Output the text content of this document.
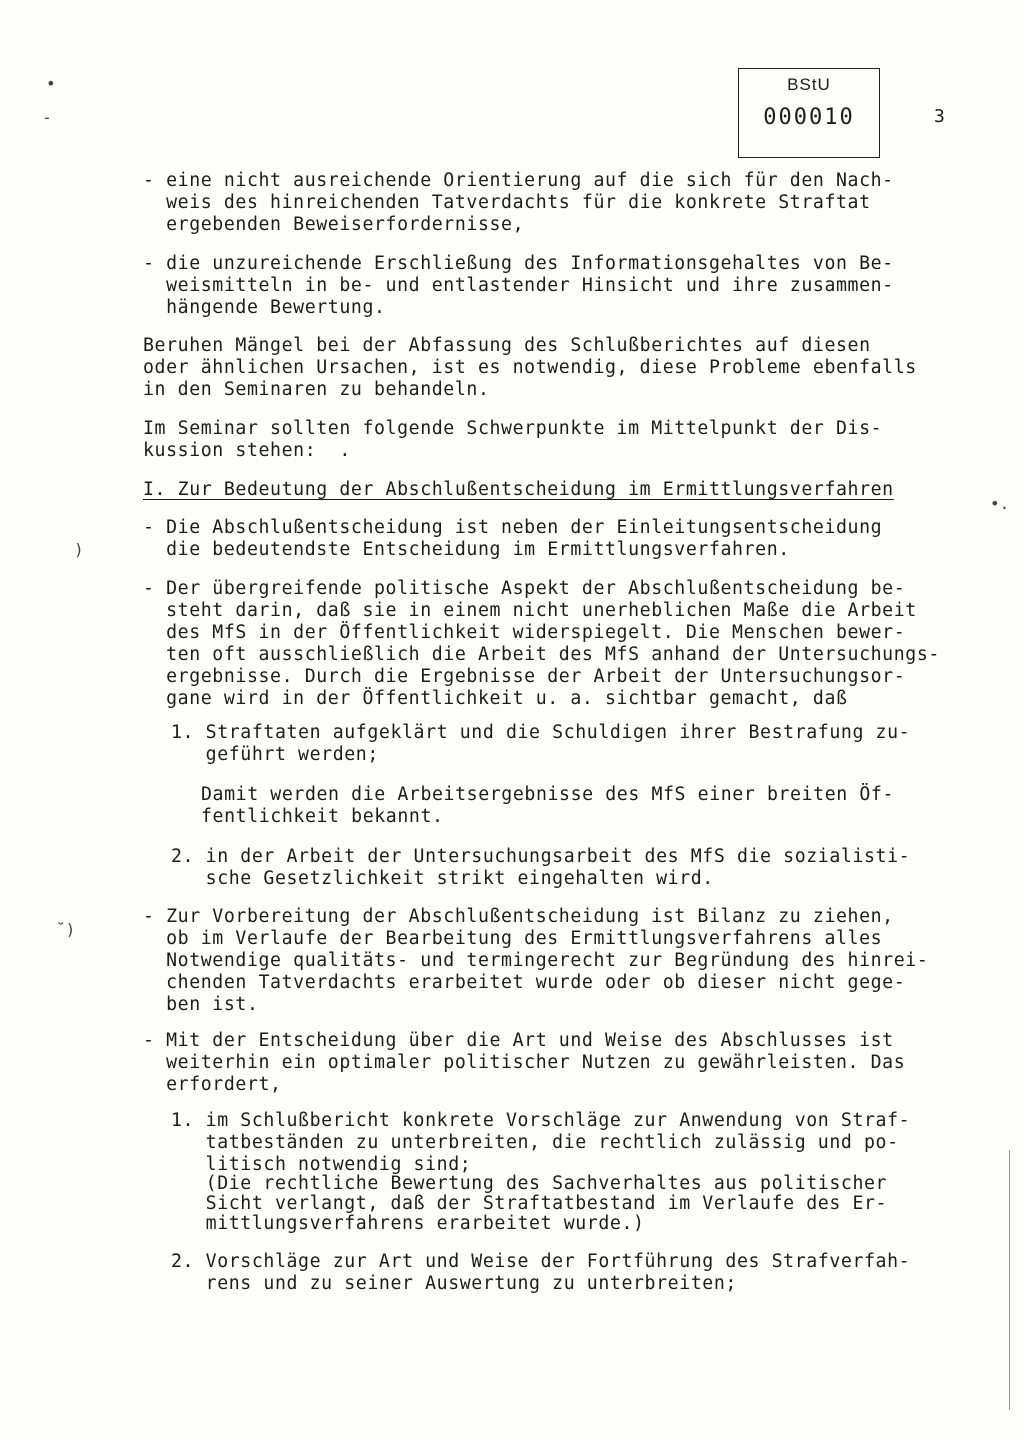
BStU
000010	3
•
-
)
˘)
•.
- eine nicht ausreichende Orientierung auf die sich für den Nach-
weis des hinreichenden Tatverdachts für die konkrete Straftat
ergebenden Beweiserfordernisse,
- die unzureichende Erschließung des Informationsgehaltes von Be-
weismitteln in be- und entlastender Hinsicht und ihre zusammen-
hängende Bewertung.
Beruhen Mängel bei der Abfassung des Schlußberichtes auf diesen
oder ähnlichen Ursachen, ist es notwendig, diese Probleme ebenfalls
in den Seminaren zu behandeln.
Im Seminar sollten folgende Schwerpunkte im Mittelpunkt der Dis-
kussion stehen:  .
I. Zur Bedeutung der Abschlußentscheidung im Ermittlungsverfahren
- Die Abschlußentscheidung ist neben der Einleitungsentscheidung
die bedeutendste Entscheidung im Ermittlungsverfahren.
- Der übergreifende politische Aspekt der Abschlußentscheidung be-
steht darin, daß sie in einem nicht unerheblichen Maße die Arbeit
des MfS in der Öffentlichkeit widerspiegelt. Die Menschen bewer-
ten oft ausschließlich die Arbeit des MfS anhand der Untersuchungs-
ergebnisse. Durch die Ergebnisse der Arbeit der Untersuchungsor-
gane wird in der Öffentlichkeit u. a. sichtbar gemacht, daß
1. Straftaten aufgeklärt und die Schuldigen ihrer Bestrafung zu-
geführt werden;
Damit werden die Arbeitsergebnisse des MfS einer breiten Öf-
fentlichkeit bekannt.
2. in der Arbeit der Untersuchungsarbeit des MfS die sozialisti-
sche Gesetzlichkeit strikt eingehalten wird.
- Zur Vorbereitung der Abschlußentscheidung ist Bilanz zu ziehen,
ob im Verlaufe der Bearbeitung des Ermittlungsverfahrens alles
Notwendige qualitäts- und termingerecht zur Begründung des hinrei-
chenden Tatverdachts erarbeitet wurde oder ob dieser nicht gege-
ben ist.
- Mit der Entscheidung über die Art und Weise des Abschlusses ist
weiterhin ein optimaler politischer Nutzen zu gewährleisten. Das
erfordert,
1. im Schlußbericht konkrete Vorschläge zur Anwendung von Straf-
tatbeständen zu unterbreiten, die rechtlich zulässig und po-
litisch notwendig sind;
(Die rechtliche Bewertung des Sachverhaltes aus politischer
Sicht verlangt, daß der Straftatbestand im Verlaufe des Er-
mittlungsverfahrens erarbeitet wurde.)
2. Vorschläge zur Art und Weise der Fortführung des Strafverfah-
rens und zu seiner Auswertung zu unterbreiten;
